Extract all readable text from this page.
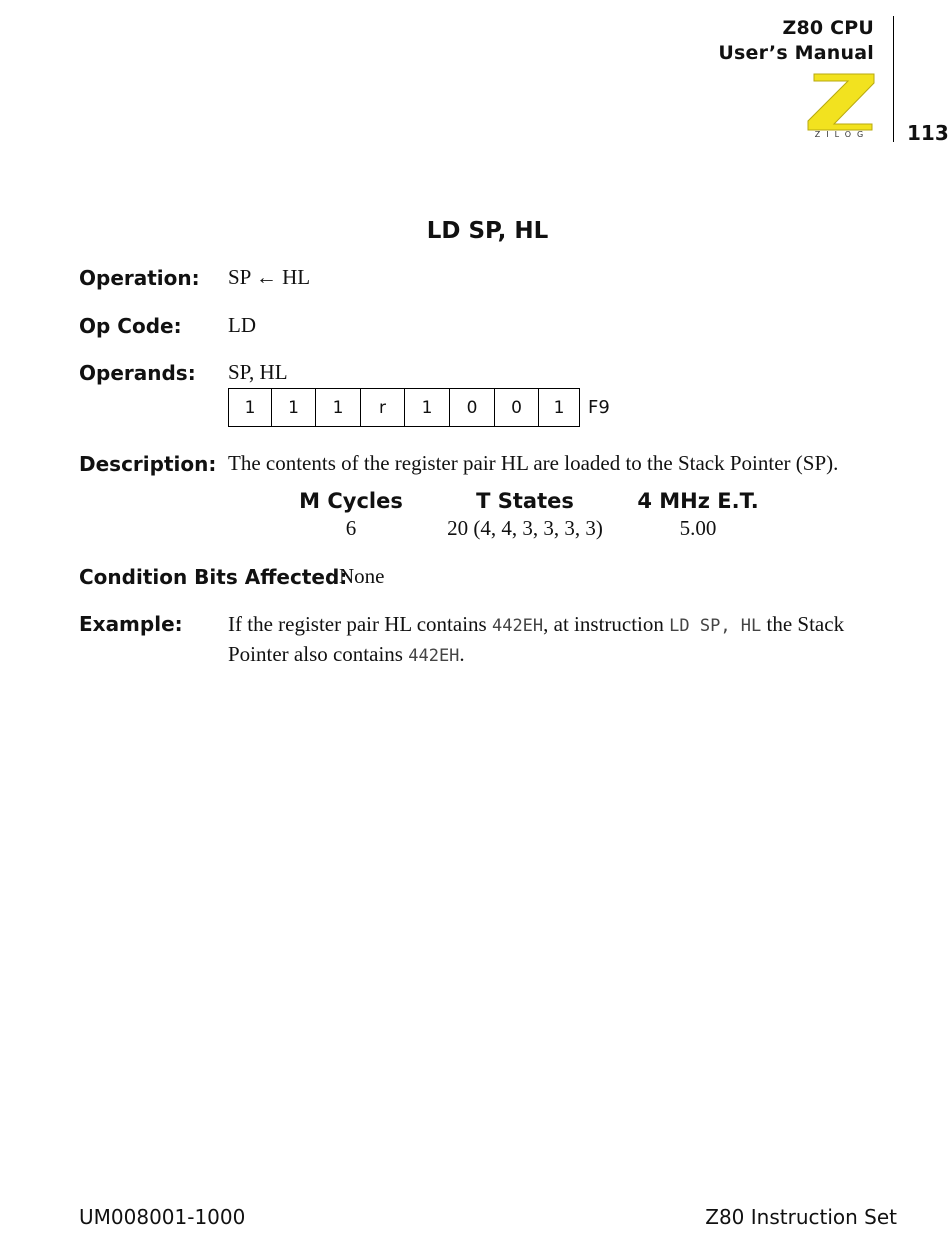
Z80 CPU
User’s Manual
ZILOG	113
LD SP, HL
Operation: SP ← HL
Op Code: LD
Operands: SP, HL
1	1	1	r	1	0	0	1 F9
Description: The contents of the register pair HL are loaded to the Stack Pointer (SP).
M Cycles	T States	4 MHz E.T.
6	20 (4, 4, 3, 3, 3, 3)	5.00
Condition Bits Affected:
None
Example: If the register pair HL contains 442EH, at instruction LD SP, HL the Stack Pointer also contains 442EH.
UM008001-1000	Z80 Instruction Set
